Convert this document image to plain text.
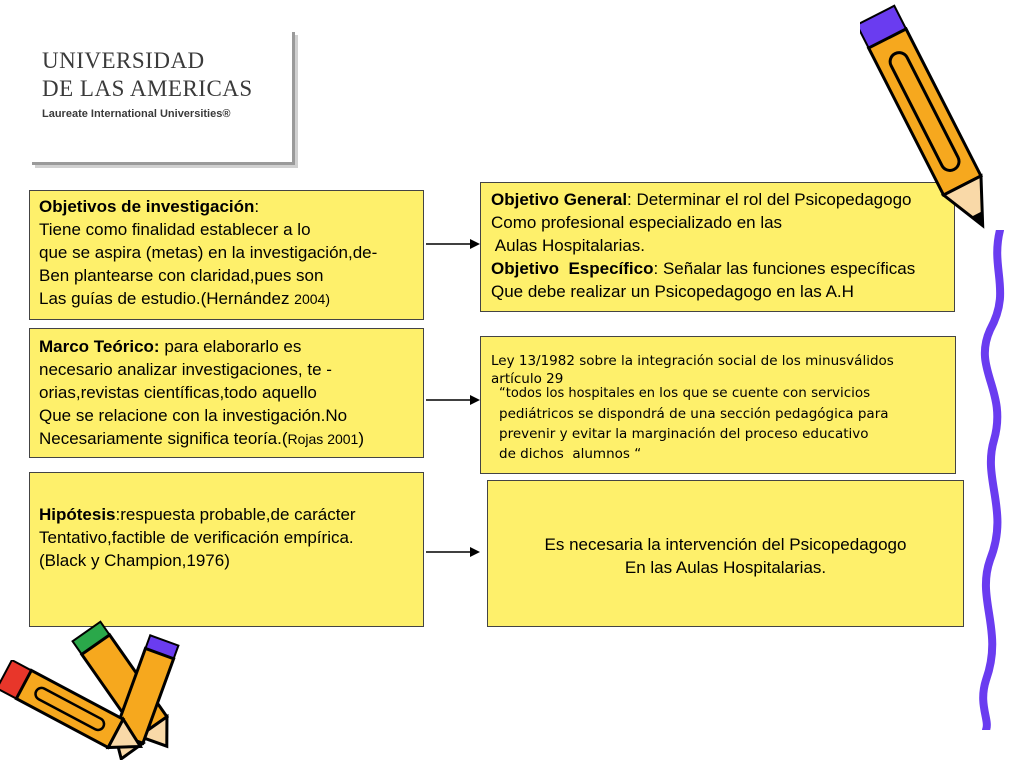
UNIVERSIDAD
DE LAS AMERICAS
Laureate International Universities®
Objetivos de investigación:
Tiene como finalidad establecer a lo
que se aspira (metas) en la investigación,de-
Ben plantearse con claridad,pues son
Las guías de estudio.(Hernández 2004)
Objetivo General: Determinar el rol del Psicopedagogo
Como profesional especializado en las
Aulas Hospitalarias.
Objetivo  Específico: Señalar las funciones específicas
Que debe realizar un Psicopedagogo en las A.H
Marco Teórico: para elaborarlo es
necesario analizar investigaciones, te -
orias,revistas científicas,todo aquello
Que se relacione con la investigación.No
Necesariamente significa teoría.(Rojas 2001)
Ley 13/1982 sobre la integración social de los minusválidos
artículo 29
“todos los hospitales en los que se cuente con servicios
pediátricos se dispondrá de una sección pedagógica para
prevenir y evitar la marginación del proceso educativo
de dichos  alumnos “
Hipótesis:respuesta probable,de carácter
Tentativo,factible de verificación empírica.
(Black y Champion,1976)
Es necesaria la intervención del Psicopedagogo
En las Aulas Hospitalarias.
